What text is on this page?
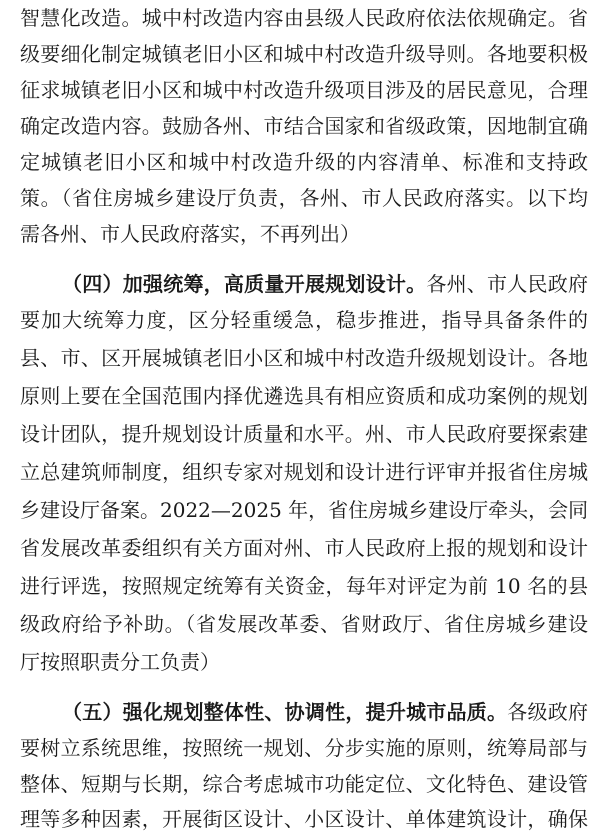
智慧化改造。城中村改造内容由县级人民政府依法依规确定。省
级要细化制定城镇老旧小区和城中村改造升级导则。各地要积极
征求城镇老旧小区和城中村改造升级项目涉及的居民意见，合理
确定改造内容。鼓励各州、市结合国家和省级政策，因地制宜确
定城镇老旧小区和城中村改造升级的内容清单、标准和支持政
策。（省住房城乡建设厅负责，各州、市人民政府落实。以下均
需各州、市人民政府落实，不再列出）
（四）加强统筹，高质量开展规划设计。各州、市人民政府
要加大统筹力度，区分轻重缓急，稳步推进，指导具备条件的
县、市、区开展城镇老旧小区和城中村改造升级规划设计。各地
原则上要在全国范围内择优遴选具有相应资质和成功案例的规划
设计团队，提升规划设计质量和水平。州、市人民政府要探索建
立总建筑师制度，组织专家对规划和设计进行评审并报省住房城
乡建设厅备案。2022—2025 年，省住房城乡建设厅牵头，会同
省发展改革委组织有关方面对州、市人民政府上报的规划和设计
进行评选，按照规定统筹有关资金，每年对评定为前 10 名的县
级政府给予补助。（省发展改革委、省财政厅、省住房城乡建设
厅按照职责分工负责）
（五）强化规划整体性、协调性，提升城市品质。各级政府
要树立系统思维，按照统一规划、分步实施的原则，统筹局部与
整体、短期与长期，综合考虑城市功能定位、文化特色、建设管
理等多种因素，开展街区设计、小区设计、单体建筑设计，确保
